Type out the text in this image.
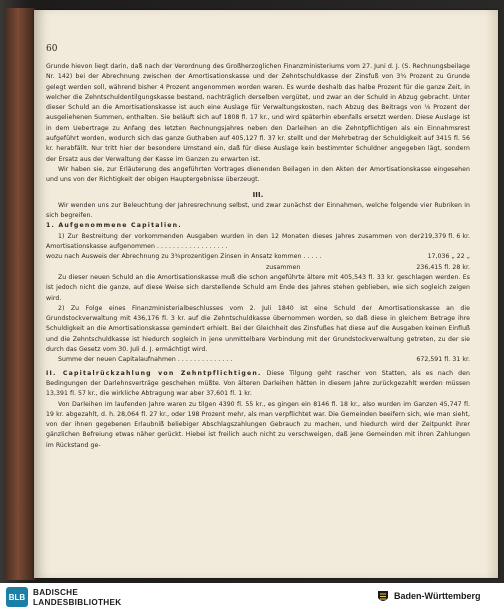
60

Grunde hievon liegt darin, daß nach der Verordnung des Großherzoglichen Finanzministeriums vom 27. Juni d. J. (S. Rechnungsbeilage Nr. 142) bei der Abrechnung zwischen der Amortisationskasse und der Zehntschuldkasse der Zinsfuß von 3¾ Prozent zu Grunde gelegt werden soll, während bisher 4 Prozent angenommen worden waren. Es wurde deshalb das halbe Prozent für die ganze Zeit, in welcher die Zehntschuldentilgungskasse bestand, nachträglich derselben vergütet, und zwar an der Schuld in Abzug gebracht. Unter dieser Schuld an die Amortisationskasse ist auch eine Auslage für Verwaltungskosten, nach Abzug des Beitrags von ⅛ Prozent der ausgeliehenen Summen, enthalten. Sie beläuft sich auf 1808 fl. 17 kr., und wird späterhin ebenfalls ersetzt werden. Diese Auslage ist in dem Uebertrage zu Anfang des letzten Rechnungsjahres neben den Darleihen an die Zehntpflichtigen als ein Einnahmsrest aufgeführt worden, wodurch sich das ganze Guthaben auf 405,127 fl. 37 kr. stellt und der Mehrbetrag der Schuldigkeit auf 3415 fl. 56 kr. herabfällt. Nur tritt hier der besondere Umstand ein, daß für diese Auslage kein bestimmter Schuldner angegeben lägt, sondern der Ersatz aus der Verwaltung der Kasse im Ganzen zu erwarten ist.

Wir haben sie, zur Erläuterung des angeführten Vortrages dienenden Beilagen in den Akten der Amortisationskasse eingesehen und uns von der Richtigkeit der obigen Hauptergebnisse überzeugt.

III.

Wir wenden uns zur Beleuchtung der Jahresrechnung selbst, und zwar zunächst der Einnahmen, welche folgende vier Rubriken in sich begreifen.

1. Aufgenommene Capitalien.

1) Zur Bestreitung der vorkommenden Ausgaben wurden in den 12 Monaten dieses Jahres zusammen von der Amortisationskasse aufgenommen . . . . . . . . . . . . . . . . . .
219,379 fl. 6 kr.
wozu nach Ausweis der Abrechnung zu 3¾prozentigen Zinsen in Ansatz kommen . . . . .	17,036 „ 22 „
zusammen	236,415 fl. 28 kr.

Zu dieser neuen Schuld an die Amortisationskasse muß die schon angeführte ältere mit 405,543 fl. 33 kr. geschlagen werden. Es ist jedoch nicht die ganze, auf diese Weise sich darstellende Schuld am Ende des Jahres stehen geblieben, wie sich sogleich zeigen wird.

2) Zu Folge eines Finanzministerialbeschlusses vom 2. Juli 1840 ist eine Schuld der Amortisationskasse an die Grundstockverwaltung mit 436,176 fl. 3 kr. auf die Zehntschuldkasse übernommen worden, so daß diese in gleichem Betrage ihre Schuldigkeit an die Amortisationskasse gemindert erhielt. Bei der Gleichheit des Zinsfußes hat diese auf die Ausgaben keinen Einfluß und die Zehntschuldkasse ist hiedurch sogleich in jene unmittelbare Verbindung mit der Grundstockverwaltung getreten, zu der sie durch das Gesetz vom 30. Juli d. J. ermächtigt wird.

Summe der neuen Capitalaufnahmen . . . . . . . . . . . . . .	672,591 fl. 31 kr.

II. Capitalrückzahlung von Zehntpflichtigen. Diese Tilgung geht rascher von Statten, als es nach den Bedingungen der Darlehnsverträge geschehen müßte. Von älteren Darleihen hätten in diesem Jahre zurückgezahlt werden müssen 13,391 fl. 57 kr., die wirkliche Abtragung war aber 37,601 fl. 1 kr.

Von Darleihen im laufenden Jahre waren zu tilgen 4390 fl. 55 kr., es gingen ein 8146 fl. 18 kr., also wurden im Ganzen 45,747 fl. 19 kr. abgezahlt, d. h. 28,064 fl. 27 kr., oder 198 Prozent mehr, als man verpflichtet war. Die Gemeinden beeifern sich, wie man sieht, von der ihnen gegebenen Erlaubniß beliebiger Abschlagszahlungen Gebrauch zu machen, und hiedurch wird der Zeitpunkt ihrer gänzlichen Befreiung etwas näher gerückt. Hiebei ist freilich auch nicht zu verschweigen, daß jene Gemeinden mit ihren Zahlungen im Rückstand ge-

BLB BADISCHE
LANDESBIBLIOTHEK
Baden-Württemberg
